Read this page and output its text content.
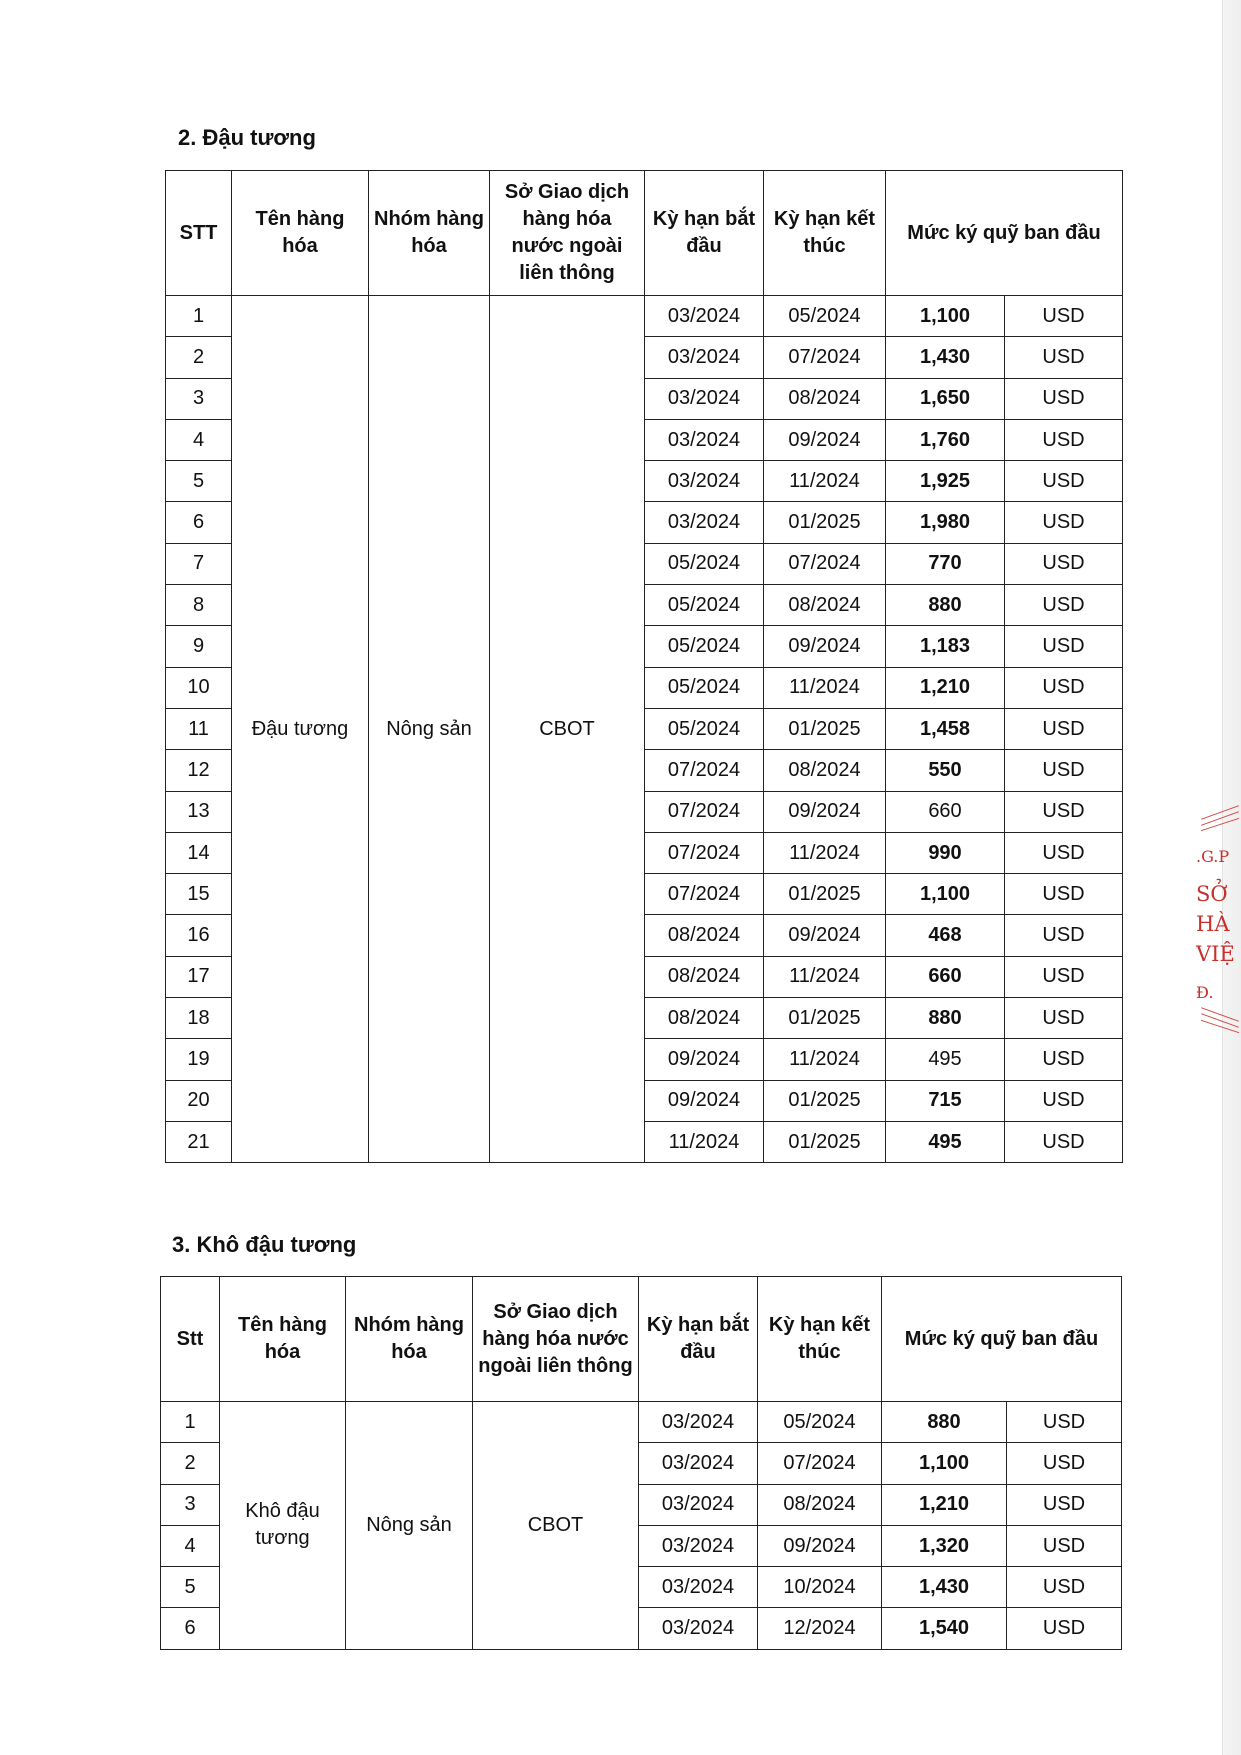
2. Đậu tương
STT	Tên hàng hóa	Nhóm hàng hóa	Sở Giao dịch hàng hóa nước ngoài liên thông	Kỳ hạn bắt đầu	Kỳ hạn kết thúc	Mức ký quỹ ban đầu	
1	Đậu tương	Nông sản	CBOT	03/2024	05/2024	1,100	USD
2				03/2024	07/2024	1,430	USD
3				03/2024	08/2024	1,650	USD
4				03/2024	09/2024	1,760	USD
5				03/2024	11/2024	1,925	USD
6				03/2024	01/2025	1,980	USD
7				05/2024	07/2024	770	USD
8				05/2024	08/2024	880	USD
9				05/2024	09/2024	1,183	USD
10				05/2024	11/2024	1,210	USD
11				05/2024	01/2025	1,458	USD
12				07/2024	08/2024	550	USD
13				07/2024	09/2024	660	USD
14				07/2024	11/2024	990	USD
15				07/2024	01/2025	1,100	USD
16				08/2024	09/2024	468	USD
17				08/2024	11/2024	660	USD
18				08/2024	01/2025	880	USD
19				09/2024	11/2024	495	USD
20				09/2024	01/2025	715	USD
21				11/2024	01/2025	495	USD
3. Khô đậu tương
Stt	Tên hàng hóa	Nhóm hàng hóa	Sở Giao dịch hàng hóa nước ngoài liên thông	Kỳ hạn bắt đầu	Kỳ hạn kết thúc	Mức ký quỹ ban đầu	
1	Khô đậu tương	Nông sản	CBOT	03/2024	05/2024	880	USD
2				03/2024	07/2024	1,100	USD
3				03/2024	08/2024	1,210	USD
4				03/2024	09/2024	1,320	USD
5				03/2024	10/2024	1,430	USD
6				03/2024	12/2024	1,540	USD
.G.P
SỞ
HÀ
VIỆ
Đ.
